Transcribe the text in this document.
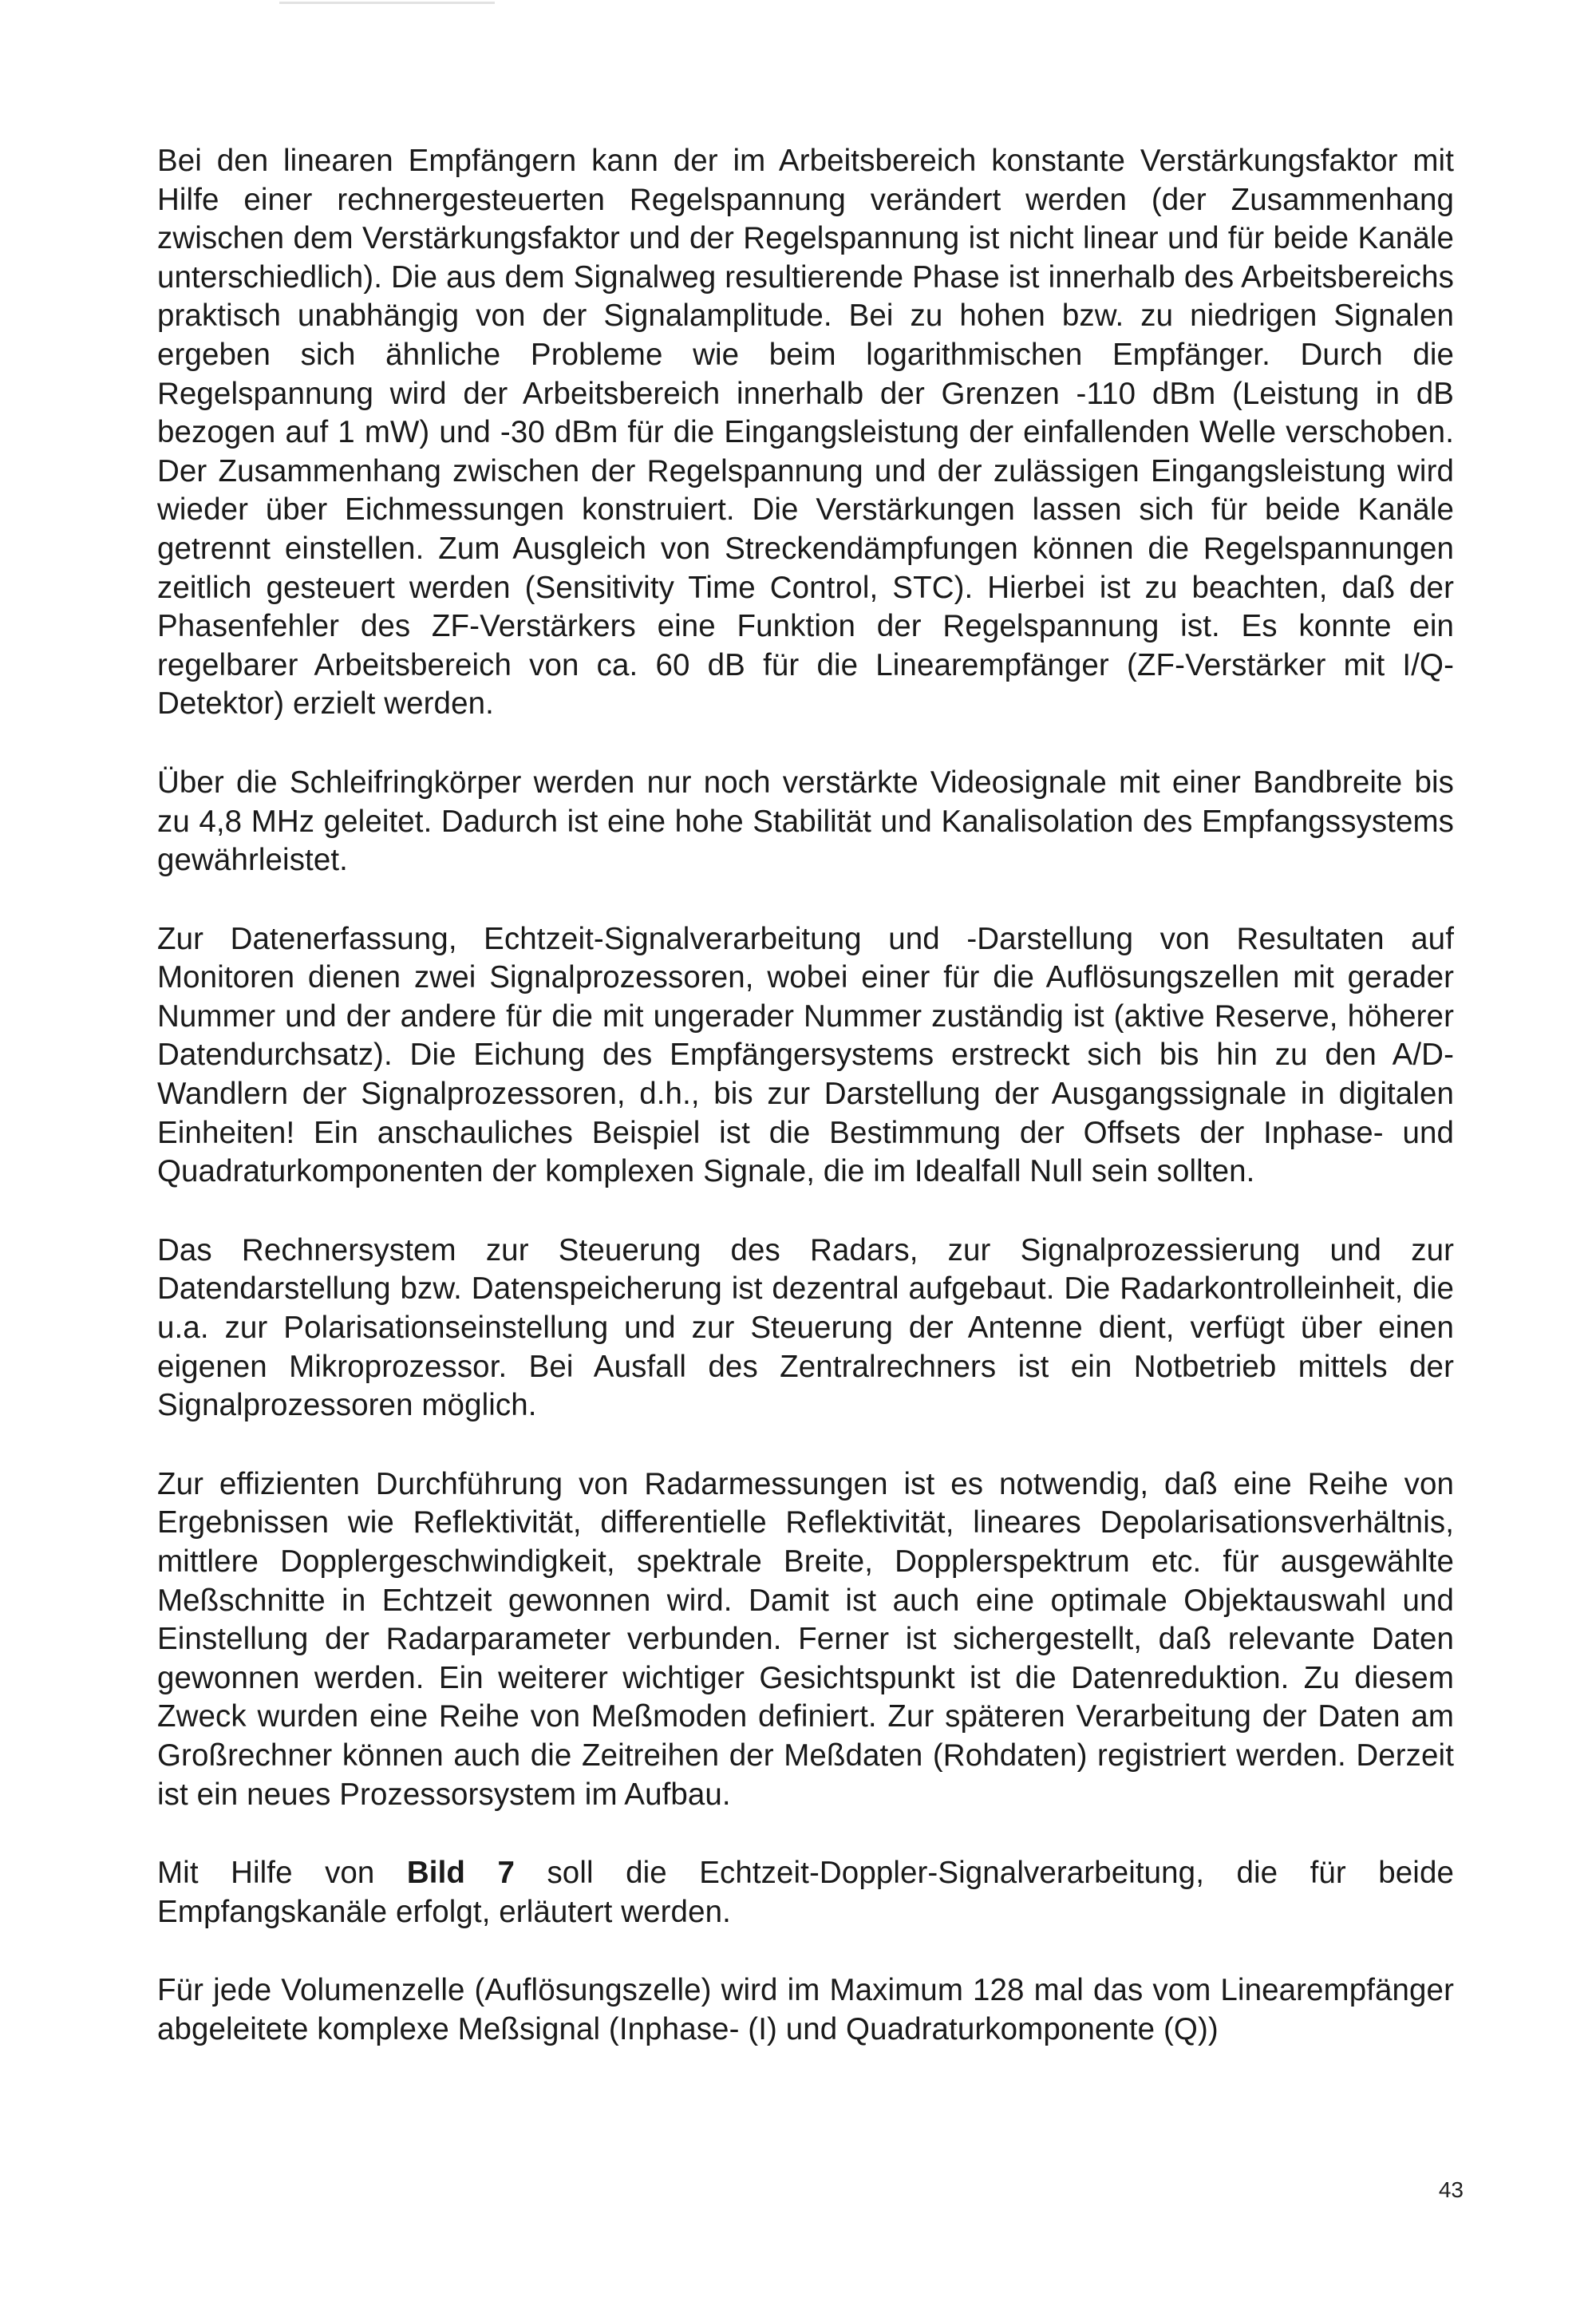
Bei den linearen Empfängern kann der im Arbeitsbereich konstante Verstärkungsfaktor mit Hilfe einer rechnergesteuerten Regelspannung verändert werden (der Zusammenhang zwischen dem Verstärkungsfaktor und der Regelspannung ist nicht linear und für beide Kanäle unterschiedlich). Die aus dem Signalweg resultierende Phase ist innerhalb des Arbeitsbereichs praktisch unabhängig von der Signalamplitude. Bei zu hohen bzw. zu niedrigen Signalen ergeben sich ähnliche Probleme wie beim logarithmischen Empfänger. Durch die Regelspannung wird der Arbeitsbereich innerhalb der Grenzen -110 dBm (Leistung in dB bezogen auf 1 mW) und -30 dBm für die Eingangsleistung der einfallenden Welle verschoben. Der Zusammenhang zwischen der Regelspannung und der zulässigen Eingangsleistung wird wieder über Eichmessungen konstruiert. Die Verstärkungen lassen sich für beide Kanäle getrennt einstellen. Zum Ausgleich von Streckendämpfungen können die Regelspannungen zeitlich gesteuert werden (Sensitivity Time Control, STC). Hierbei ist zu beachten, daß der Phasenfehler des ZF-Verstärkers eine Funktion der Regelspannung ist. Es konnte ein regelbarer Arbeitsbereich von ca. 60 dB für die Linearempfänger (ZF-Verstärker mit I/Q-Detektor) erzielt werden.

Über die Schleifringkörper werden nur noch verstärkte Videosignale mit einer Bandbreite bis zu 4,8 MHz geleitet. Dadurch ist eine hohe Stabilität und Kanalisolation des Empfangssystems gewährleistet.

Zur Datenerfassung, Echtzeit-Signalverarbeitung und -Darstellung von Resultaten auf Monitoren dienen zwei Signalprozessoren, wobei einer für die Auflösungszellen mit gerader Nummer und der andere für die mit ungerader Nummer zuständig ist (aktive Reserve, höherer Datendurchsatz). Die Eichung des Empfängersystems erstreckt sich bis hin zu den A/D-Wandlern der Signalprozessoren, d.h., bis zur Darstellung der Ausgangssignale in digitalen Einheiten! Ein anschauliches Beispiel ist die Bestimmung der Offsets der Inphase- und Quadraturkomponenten der komplexen Signale, die im Idealfall Null sein sollten.

Das Rechnersystem zur Steuerung des Radars, zur Signalprozessierung und zur Datendarstellung bzw. Datenspeicherung ist dezentral aufgebaut. Die Radarkontrolleinheit, die u.a. zur Polarisationseinstellung und zur Steuerung der Antenne dient, verfügt über einen eigenen Mikroprozessor. Bei Ausfall des Zentralrechners ist ein Notbetrieb mittels der Signalprozessoren möglich.

Zur effizienten Durchführung von Radarmessungen ist es notwendig, daß eine Reihe von Ergebnissen wie Reflektivität, differentielle Reflektivität, lineares Depolarisationsverhältnis, mittlere Dopplergeschwindigkeit, spektrale Breite, Dopplerspektrum etc. für ausgewählte Meßschnitte in Echtzeit gewonnen wird. Damit ist auch eine optimale Objektauswahl und Einstellung der Radarparameter verbunden. Ferner ist sichergestellt, daß relevante Daten gewonnen werden. Ein weiterer wichtiger Gesichtspunkt ist die Datenreduktion. Zu diesem Zweck wurden eine Reihe von Meßmoden definiert. Zur späteren Verarbeitung der Daten am Großrechner können auch die Zeitreihen der Meßdaten (Rohdaten) registriert werden. Derzeit ist ein neues Prozessorsystem im Aufbau.

Mit Hilfe von Bild 7 soll die Echtzeit-Doppler-Signalverarbeitung, die für beide Empfangskanäle erfolgt, erläutert werden.

Für jede Volumenzelle (Auflösungszelle) wird im Maximum 128 mal das vom Linearempfänger abgeleitete komplexe Meßsignal (Inphase- (I) und Quadraturkomponente (Q))

43
